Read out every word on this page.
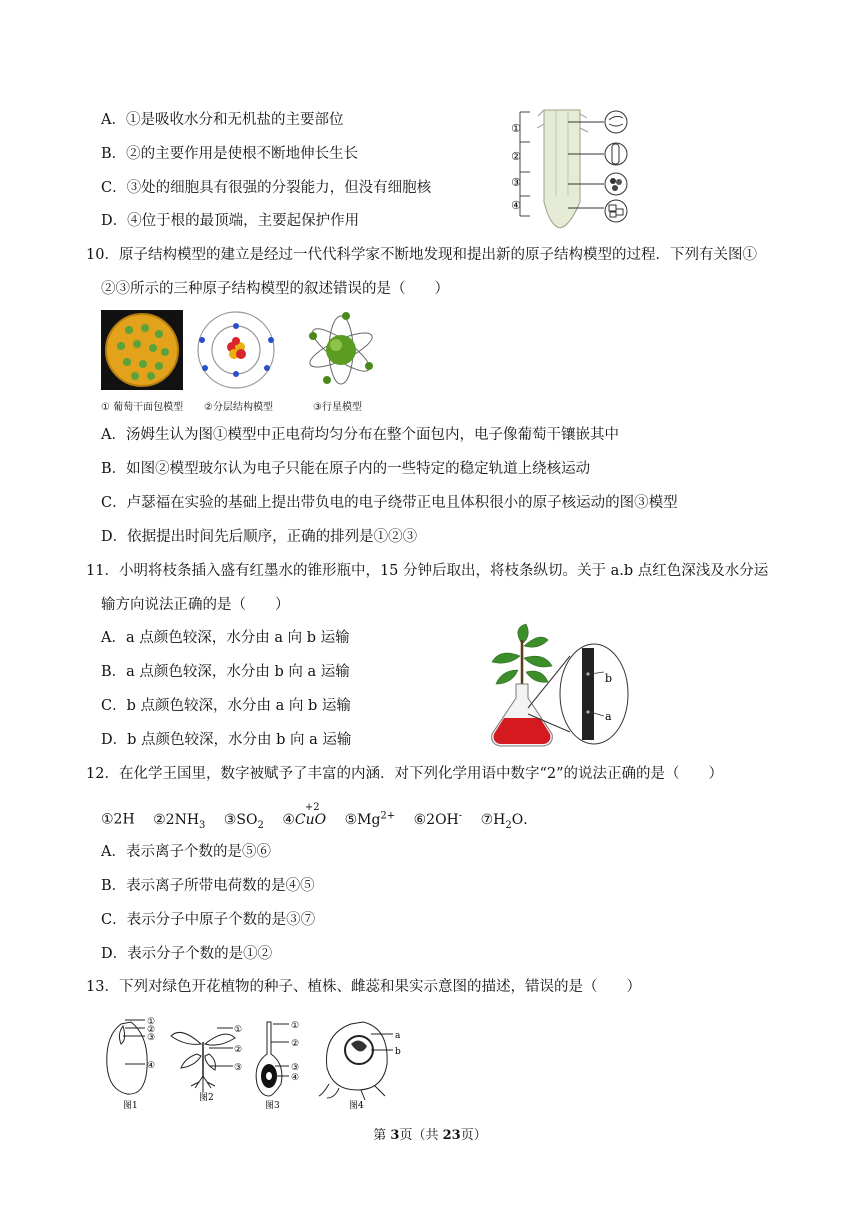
A．①是吸收水分和无机盐的主要部位
B．②的主要作用是使根不断地伸长生长
C．③处的细胞具有很强的分裂能力，但没有细胞核
D．④位于根的最顶端，主要起保护作用
①
②
③
④
10．原子结构模型的建立是经过一代代科学家不断地发现和提出新的原子结构模型的过程．下列有关图①
②③所示的三种原子结构模型的叙述错误的是（　　）
① 葡萄干面包模型 ②分层结构模型	③行星模型
A．汤姆生认为图①模型中正电荷均匀分布在整个面包内，电子像葡萄干镶嵌其中
B．如图②模型玻尔认为电子只能在原子内的一些特定的稳定轨道上绕核运动
C．卢瑟福在实验的基础上提出带负电的电子绕带正电且体积很小的原子核运动的图③模型
D．依据提出时间先后顺序，正确的排列是①②③
11．小明将枝条插入盛有红墨水的锥形瓶中，15 分钟后取出，将枝条纵切。关于 a.b 点红色深浅及水分运
输方向说法正确的是（　　）
A．a 点颜色较深，水分由 a 向 b 运输
B．a 点颜色较深，水分由 b 向 a 运输
C．b 点颜色较深，水分由 a 向 b 运输
D．b 点颜色较深，水分由 b 向 a 运输
b
a
12．在化学王国里，数字被赋予了丰富的内涵．对下列化学用语中数字“2”的说法正确的是（　　）
①2H $②2NH_3$ $③SO_2$ ④
+2
CuO $⑤Mg^{2+}$ ⑥2OH- $⑦H_2O$．
A．表示离子个数的是⑤⑥
B．表示离子所带电荷数的是④⑤
C．表示分子中原子个数的是③⑦
D．表示分子个数的是①②
13．下列对绿色开花植物的种子、植株、雌蕊和果实示意图的描述，错误的是（　　）
①
②
③
④
图1
①
②
③
图2
①
②
③
④
图3
a
b
图4
第 3页（共 23页）
